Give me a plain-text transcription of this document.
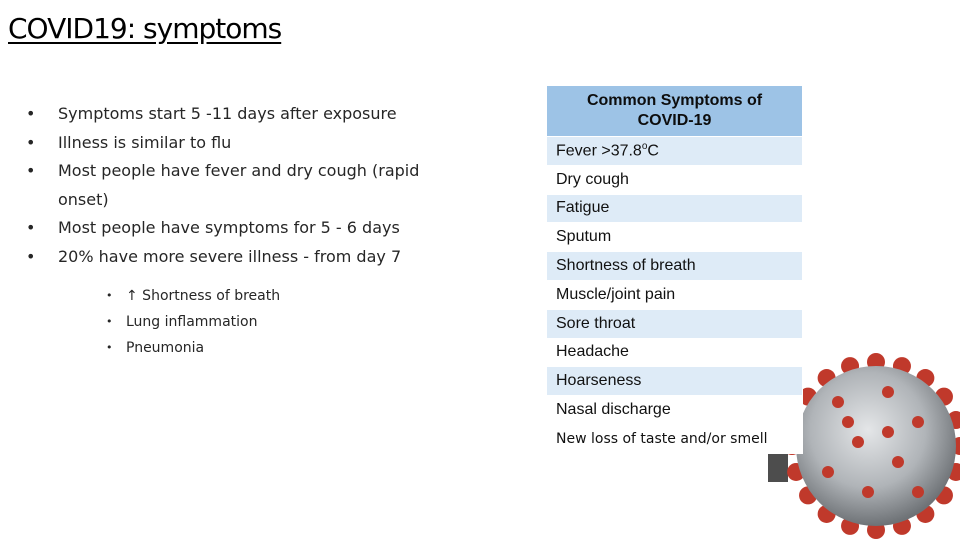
COVID19: symptoms
• Symptoms start 5 -11 days after exposure
• Illness is similar to flu
• Most people have fever and dry cough (rapid onset)
• Most people have symptoms for 5 - 6 days
• 20% have more severe illness - from day 7
• ↑ Shortness of breath
• Lung inflammation
• Pneumonia
Common Symptoms of COVID-19
Fever $>37.8^oC$
Dry cough
Fatigue
Sputum
Shortness of breath
Muscle/joint pain
Sore throat
Headache
Hoarseness
Nasal discharge
New loss of taste and/or smell
